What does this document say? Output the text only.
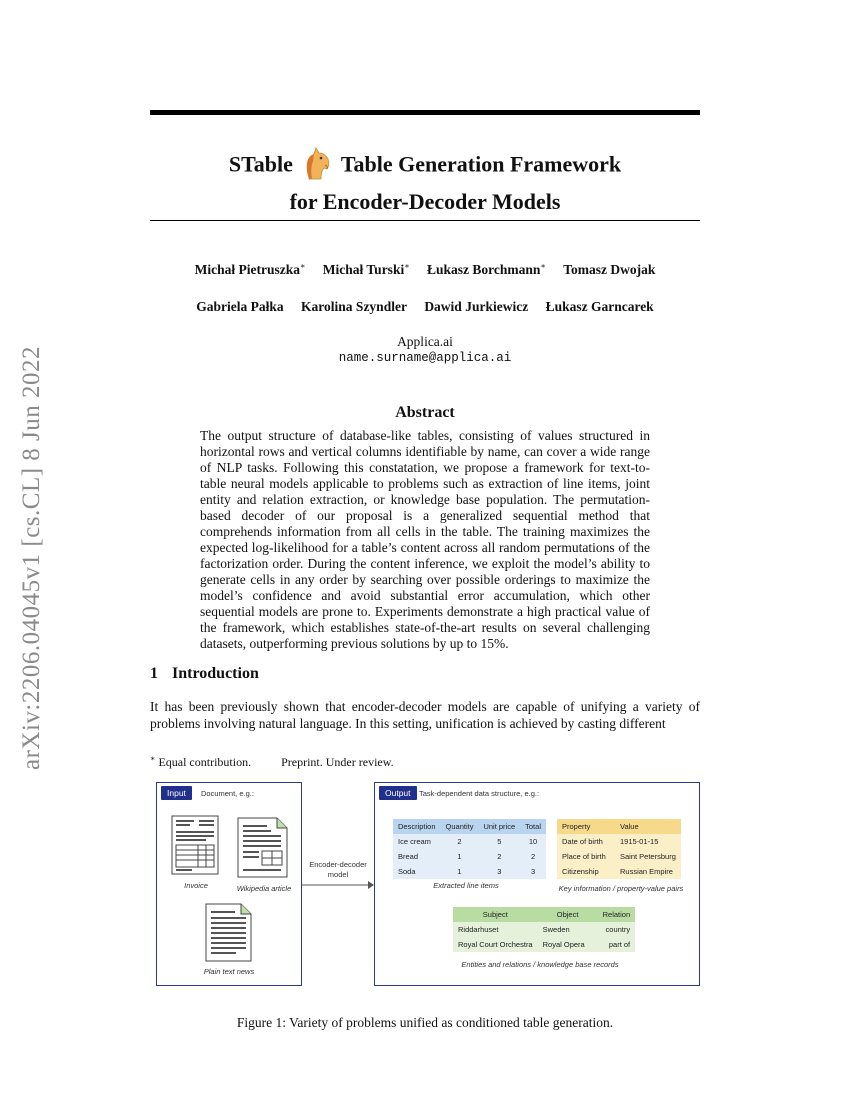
arXiv:2206.04045v1 [cs.CL] 8 Jun 2022
STable Table Generation Framework
for Encoder-Decoder Models
Michał Pietruszka∗ Michał Turski∗ Łukasz Borchmann∗ Tomasz Dwojak
Gabriela Pałka Karolina Szyndler Dawid Jurkiewicz Łukasz Garncarek
Applica.ai
name.surname@applica.ai
Abstract

The output structure of database-like tables, consisting of values structured in horizontal rows and vertical columns identifiable by name, can cover a wide range of NLP tasks. Following this constatation, we propose a framework for text-to-table neural models applicable to problems such as extraction of line items, joint entity and relation extraction, or knowledge base population. The permutation-based decoder of our proposal is a generalized sequential method that comprehends information from all cells in the table. The training maximizes the expected log-likelihood for a table’s content across all random permutations of the factorization order. During the content inference, we exploit the model’s ability to generate cells in any order by searching over possible orderings to maximize the model’s confidence and avoid substantial error accumulation, which other sequential models are prone to. Experiments demonstrate a high practical value of the framework, which establishes state-of-the-art results on several challenging datasets, outperforming previous solutions by up to 15%.

1 Introduction

It has been previously shown that encoder-decoder models are capable of unifying a variety of problems involving natural language. In this setting, unification is achieved by casting different

∗ Equal contribution.	Preprint. Under review.
Input	Document, e.g.:
Invoice	Wikipedia article
Plain text news
Encoder-decoder
model
Output	Task-dependent data structure, e.g.:
Description	Quantity	Unit price	Total
Ice cream	2	5	10
Bread	1	2	2
Soda	1	3	3
Extracted line items
Property	Value
Date of birth	1915-01-15
Place of birth	Saint Petersburg
Citizenship	Russian Empire
Key information / property-value pairs
Subject	Object	Relation
Riddarhuset	Sweden	country
Royal Court Orchestra	Royal Opera	part of
Entities and relations / knowledge base records
Figure 1: Variety of problems unified as conditioned table generation.
